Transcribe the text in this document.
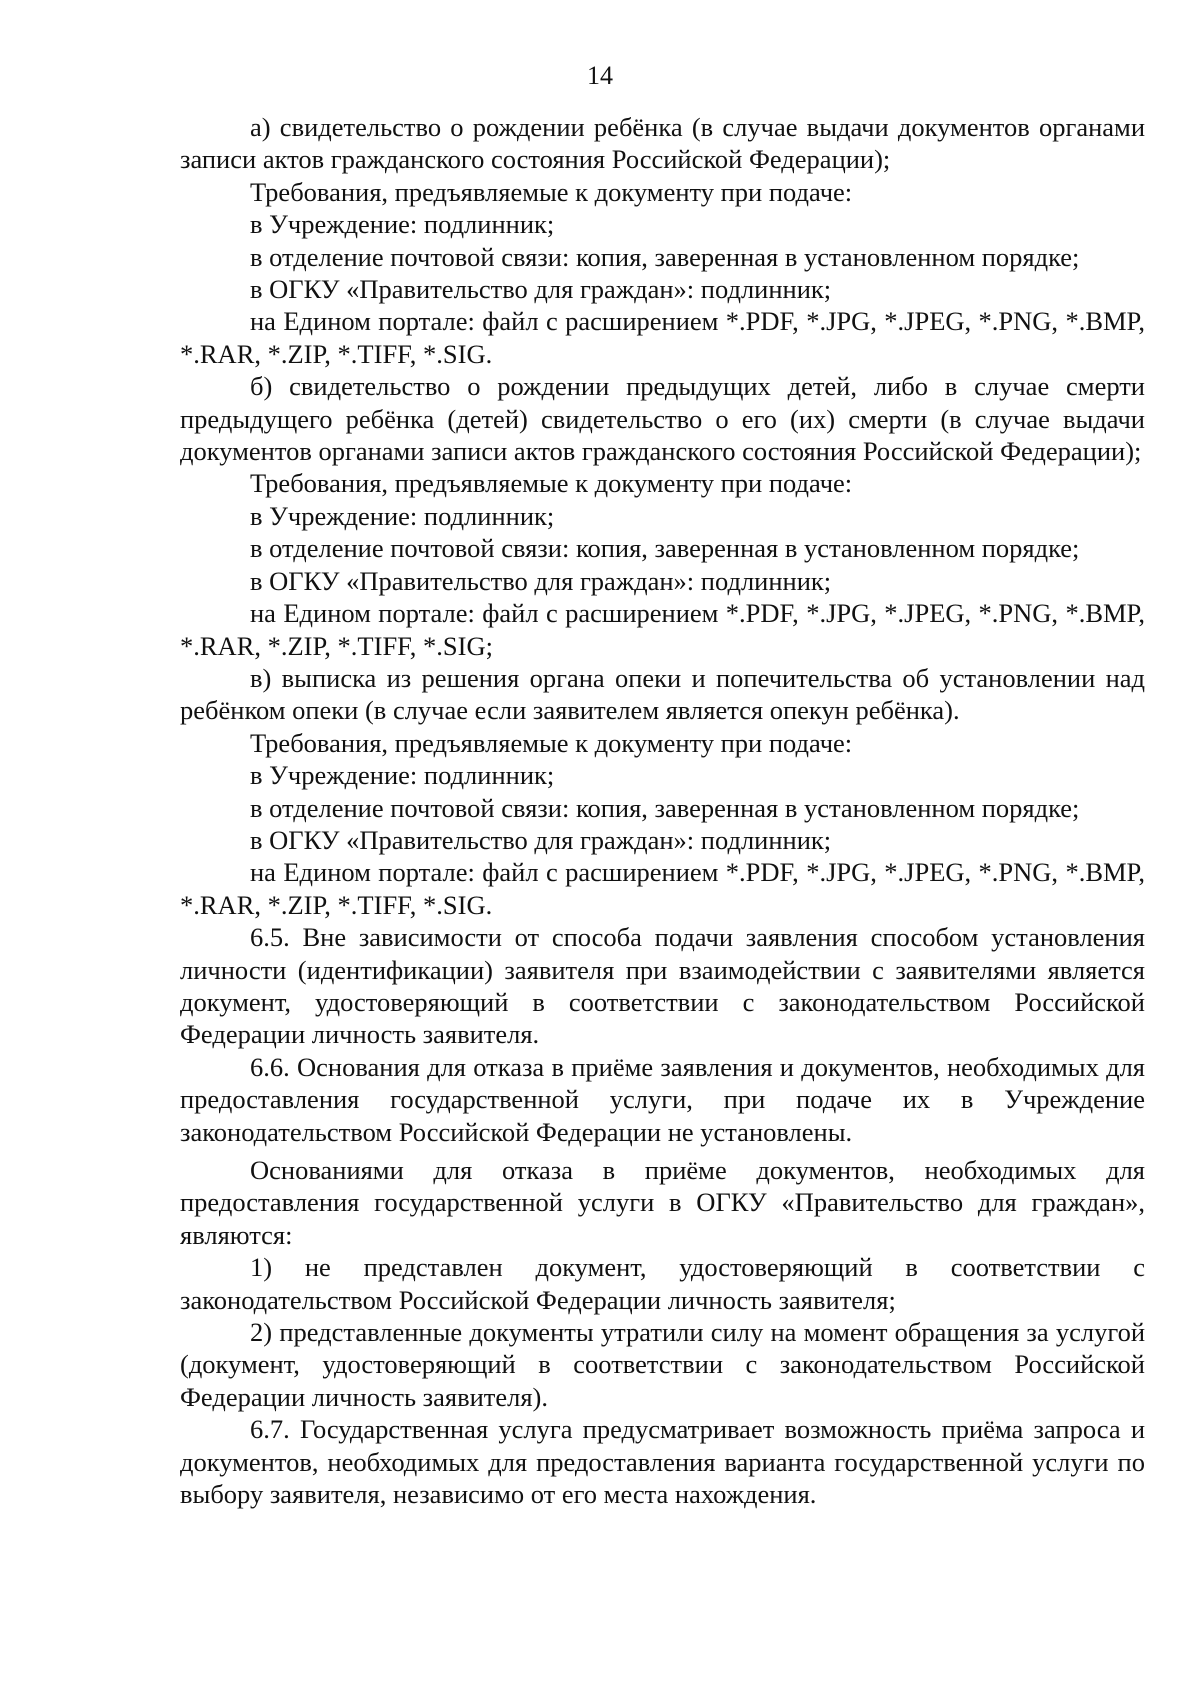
14

а) свидетельство о рождении ребёнка (в случае выдачи документов органами записи актов гражданского состояния Российской Федерации);

Требования, предъявляемые к документу при подаче:

в Учреждение: подлинник;

в отделение почтовой связи: копия, заверенная в установленном порядке;

в ОГКУ «Правительство для граждан»: подлинник;

на Едином портале: файл с расширением *.PDF, *.JPG, *.JPEG, *.PNG, *.BMP, *.RAR, *.ZIP, *.TIFF, *.SIG.

б) свидетельство о рождении предыдущих детей, либо в случае смерти предыдущего ребёнка (детей) свидетельство о его (их) смерти (в случае выдачи документов органами записи актов гражданского состояния Российской Федерации);

Требования, предъявляемые к документу при подаче:

в Учреждение: подлинник;

в отделение почтовой связи: копия, заверенная в установленном порядке;

в ОГКУ «Правительство для граждан»: подлинник;

на Едином портале: файл с расширением *.PDF, *.JPG, *.JPEG, *.PNG, *.BMP, *.RAR, *.ZIP, *.TIFF, *.SIG;

в) выписка из решения органа опеки и попечительства об установлении над ребёнком опеки (в случае если заявителем является опекун ребёнка).

Требования, предъявляемые к документу при подаче:

в Учреждение: подлинник;

в отделение почтовой связи: копия, заверенная в установленном порядке;

в ОГКУ «Правительство для граждан»: подлинник;

на Едином портале: файл с расширением *.PDF, *.JPG, *.JPEG, *.PNG, *.BMP, *.RAR, *.ZIP, *.TIFF, *.SIG.

6.5. Вне зависимости от способа подачи заявления способом установления личности (идентификации) заявителя при взаимодействии с заявителями является документ, удостоверяющий в соответствии с законодательством Российской Федерации личность заявителя.

6.6. Основания для отказа в приёме заявления и документов, необходимых для предоставления государственной услуги, при подаче их в Учреждение законодательством Российской Федерации не установлены.

Основаниями для отказа в приёме документов, необходимых для предоставления государственной услуги в ОГКУ «Правительство для граждан», являются:

1) не представлен документ, удостоверяющий в соответствии с законодательством Российской Федерации личность заявителя;

2) представленные документы утратили силу на момент обращения за услугой (документ, удостоверяющий в соответствии с законодательством Российской Федерации личность заявителя).

6.7. Государственная услуга предусматривает возможность приёма запроса и документов, необходимых для предоставления варианта государственной услуги по выбору заявителя, независимо от его места нахождения.
